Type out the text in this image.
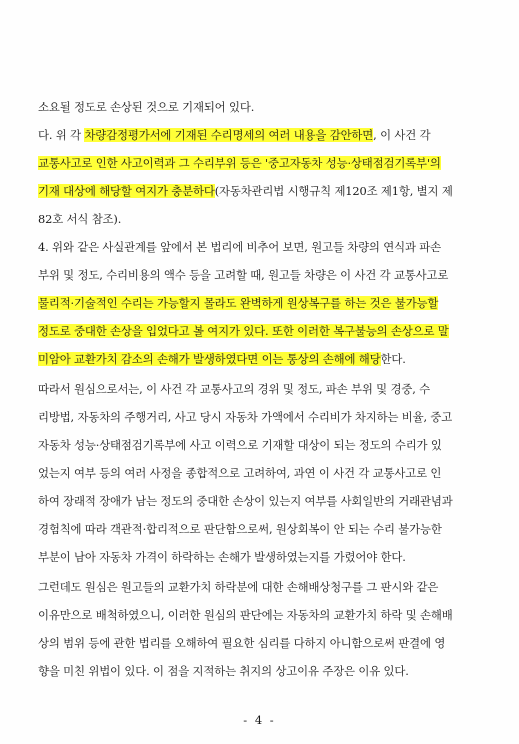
소요될 정도로 손상된 것으로 기재되어 있다.
다. 위 각 차량감정평가서에 기재된 수리명세의 여러 내용을 감안하면, 이 사건 각
교통사고로 인한 사고이력과 그 수리부위 등은 '중고자동차 성능·상태점검기록부'의
기재 대상에 해당할 여지가 충분하다(자동차관리법 시행규칙 제120조 제1항, 별지 제
82호 서식 참조).
4. 위와 같은 사실관계를 앞에서 본 법리에 비추어 보면, 원고들 차량의 연식과 파손
부위 및 정도, 수리비용의 액수 등을 고려할 때, 원고들 차량은 이 사건 각 교통사고로
물리적·기술적인 수리는 가능할지 몰라도 완벽하게 원상복구를 하는 것은 불가능할
정도로 중대한 손상을 입었다고 볼 여지가 있다. 또한 이러한 복구불능의 손상으로 말
미암아 교환가치 감소의 손해가 발생하였다면 이는 통상의 손해에 해당한다.
따라서 원심으로서는, 이 사건 각 교통사고의 경위 및 정도, 파손 부위 및 경중, 수
리방법, 자동차의 주행거리, 사고 당시 자동차 가액에서 수리비가 차지하는 비율, 중고
자동차 성능·상태점검기록부에 사고 이력으로 기재할 대상이 되는 정도의 수리가 있
었는지 여부 등의 여러 사정을 종합적으로 고려하여, 과연 이 사건 각 교통사고로 인
하여 장래적 장애가 남는 정도의 중대한 손상이 있는지 여부를 사회일반의 거래관념과
경험칙에 따라 객관적·합리적으로 판단함으로써, 원상회복이 안 되는 수리 불가능한
부분이 남아 자동차 가격이 하락하는 손해가 발생하였는지를 가렸어야 한다.
그런데도 원심은 원고들의 교환가치 하락분에 대한 손해배상청구를 그 판시와 같은
이유만으로 배척하였으니, 이러한 원심의 판단에는 자동차의 교환가치 하락 및 손해배
상의 범위 등에 관한 법리를 오해하여 필요한 심리를 다하지 아니함으로써 판결에 영
향을 미친 위법이 있다. 이 점을 지적하는 취지의 상고이유 주장은 이유 있다.
- 4 -
